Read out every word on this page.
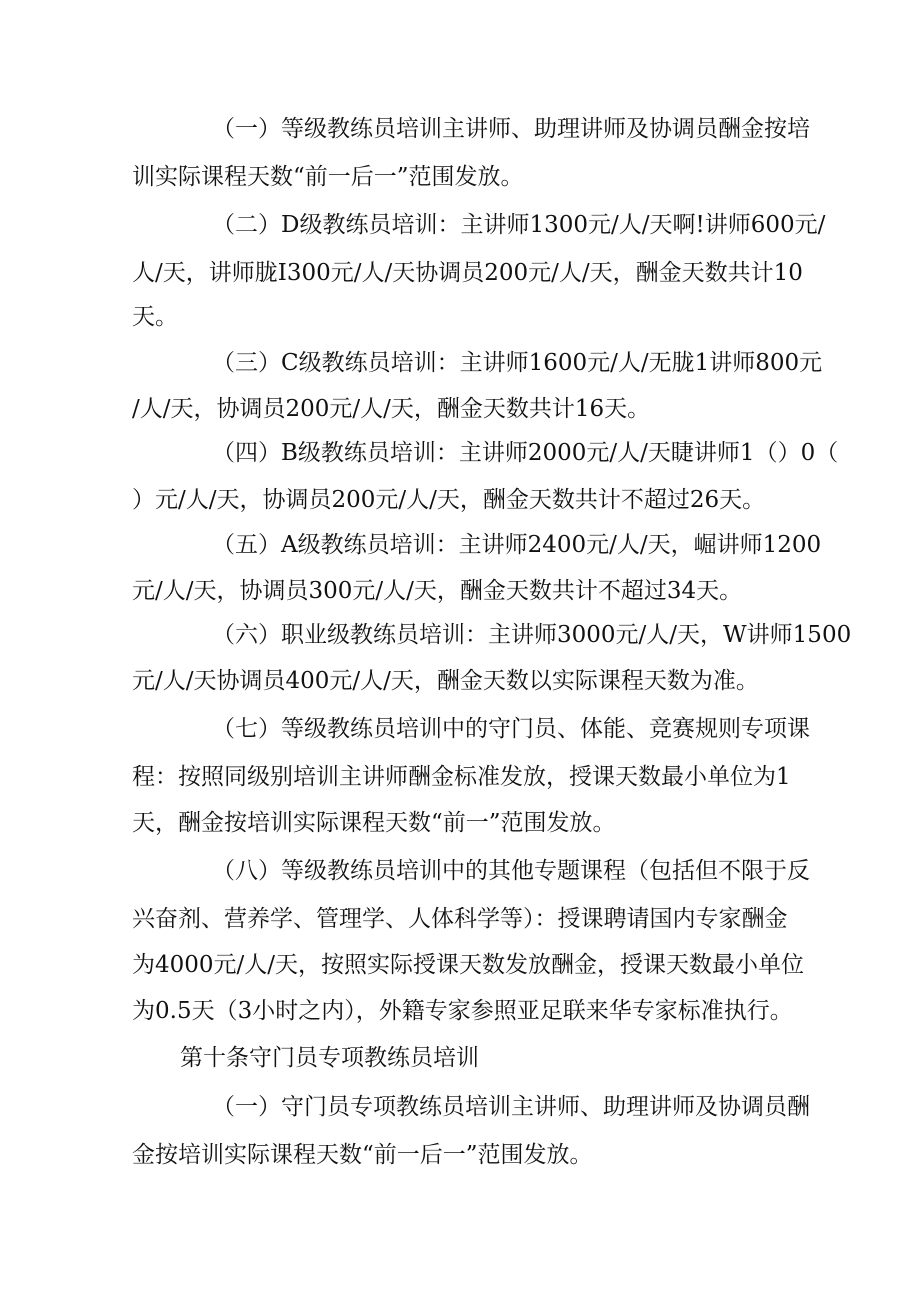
（一）等级教练员培训主讲师、助理讲师及协调员酬金按培
训实际课程天数“前一后一”范围发放。
（二）D级教练员培训：主讲师1300元/人/天啊!讲师600元/
人/天，讲师胧I300元/人/天协调员200元/人/天，酬金天数共计10
天。
（三）C级教练员培训：主讲师1600元/人/无胧1讲师800元
/人/天，协调员200元/人/天，酬金天数共计16天。
（四）B级教练员培训：主讲师2000元/人/天睫讲师1（）0（
）元/人/天，协调员200元/人/天，酬金天数共计不超过26天。
（五）A级教练员培训：主讲师2400元/人/天，崛讲师1200
元/人/天，协调员300元/人/天，酬金天数共计不超过34天。
（六）职业级教练员培训：主讲师3000元/人/天，W讲师1500
元/人/天协调员400元/人/天，酬金天数以实际课程天数为准。
（七）等级教练员培训中的守门员、体能、竞赛规则专项课
程：按照同级别培训主讲师酬金标准发放，授课天数最小单位为1
天，酬金按培训实际课程天数“前一”范围发放。
（八）等级教练员培训中的其他专题课程（包括但不限于反
兴奋剂、营养学、管理学、人体科学等）：授课聘请国内专家酬金
为4000元/人/天，按照实际授课天数发放酬金，授课天数最小单位
为0.5天（3小时之内），外籍专家参照亚足联来华专家标准执行。
第十条守门员专项教练员培训
（一）守门员专项教练员培训主讲师、助理讲师及协调员酬
金按培训实际课程天数“前一后一”范围发放。
